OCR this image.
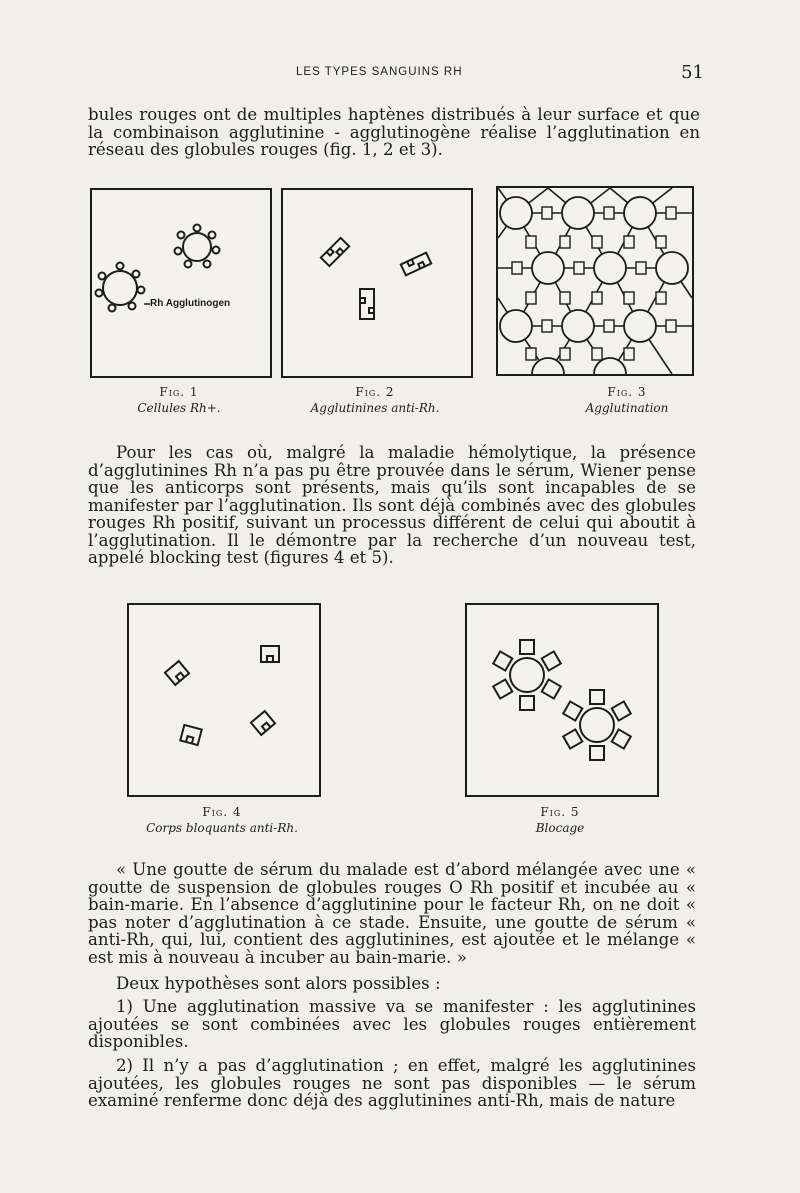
LES TYPES SANGUINS RH	51
bules rouges ont de multiples haptènes distribués à leur surface et que la combinaison agglutinine - agglutinogène réalise l’agglutination en réseau des globules rouges (fig. 1, 2 et 3).
Rh Agglutinogen
Fig. 1
Cellules Rh+.
Fig. 2
Agglutinines anti-Rh.
Fig. 3
Agglutination
Pour les cas où, malgré la maladie hémolytique, la présence d’agglutinines Rh n’a pas pu être prouvée dans le sérum, Wiener pense que les anticorps sont présents, mais qu’ils sont incapables de se manifester par l’agglutination. Ils sont déjà combinés avec des globules rouges Rh positif, suivant un processus différent de celui qui aboutit à l’agglutination. Il le démontre par la recherche d’un nouveau test, appelé blocking test (figures 4 et 5).
Fig. 4
Corps bloquants anti-Rh.
Fig. 5
Blocage
« Une goutte de sérum du malade est d’abord mélangée avec une « goutte de suspension de globules rouges O Rh positif et incubée au « bain-marie. En l’absence d’agglutinine pour le facteur Rh, on ne doit « pas noter d’agglutination à ce stade. Ensuite, une goutte de sérum « anti-Rh, qui, lui, contient des agglutinines, est ajoutée et le mélange « est mis à nouveau à incuber au bain-marie. »
Deux hypothèses sont alors possibles :
1) Une agglutination massive va se manifester : les agglutinines ajoutées se sont combinées avec les globules rouges entièrement disponibles.
2) Il n’y a pas d’agglutination ; en effet, malgré les agglutinines ajoutées, les globules rouges ne sont pas disponibles — le sérum examiné renferme donc déjà des agglutinines anti-Rh, mais de nature
